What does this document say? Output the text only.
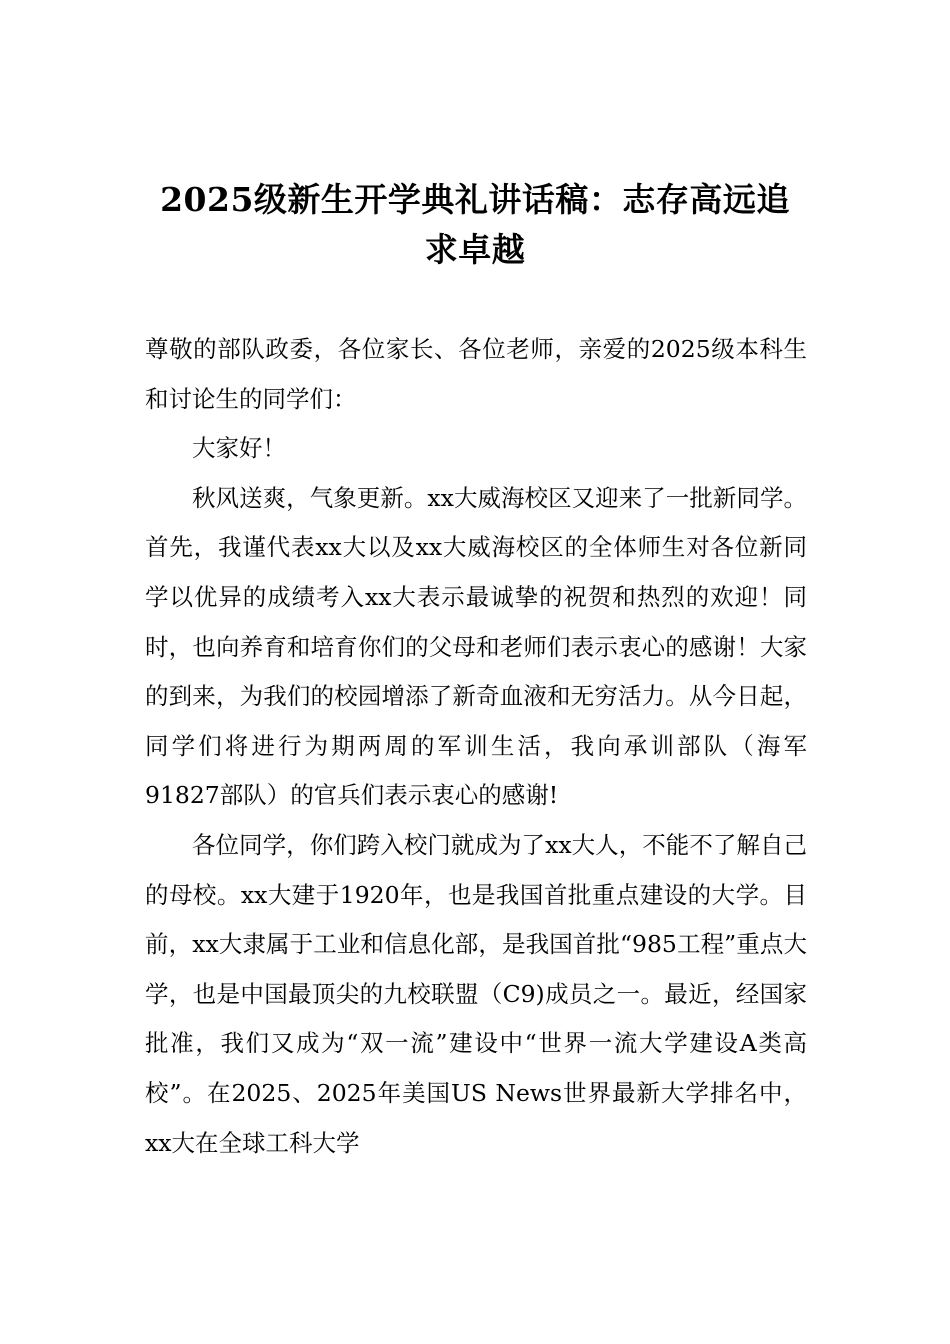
2025级新生开学典礼讲话稿：志存高远追求卓越

尊敬的部队政委，各位家长、各位老师，亲爱的2025级本科生和讨论生的同学们：

大家好！

秋风送爽，气象更新。xx大威海校区又迎来了一批新同学。首先，我谨代表xx大以及xx大威海校区的全体师生对各位新同学以优异的成绩考入xx大表示最诚挚的祝贺和热烈的欢迎！同时，也向养育和培育你们的父母和老师们表示衷心的感谢！大家的到来，为我们的校园增添了新奇血液和无穷活力。从今日起，同学们将进行为期两周的军训生活，我向承训部队（海军91827部队）的官兵们表示衷心的感谢!

各位同学，你们跨入校门就成为了xx大人，不能不了解自己的母校。xx大建于1920年，也是我国首批重点建设的大学。目前，xx大隶属于工业和信息化部，是我国首批“985工程”重点大学，也是中国最顶尖的九校联盟（C9)成员之一。最近，经国家批准，我们又成为“双一流”建设中“世界一流大学建设A类高校”。在2025、2025年美国US News世界最新大学排名中，xx大在全球工科大学
